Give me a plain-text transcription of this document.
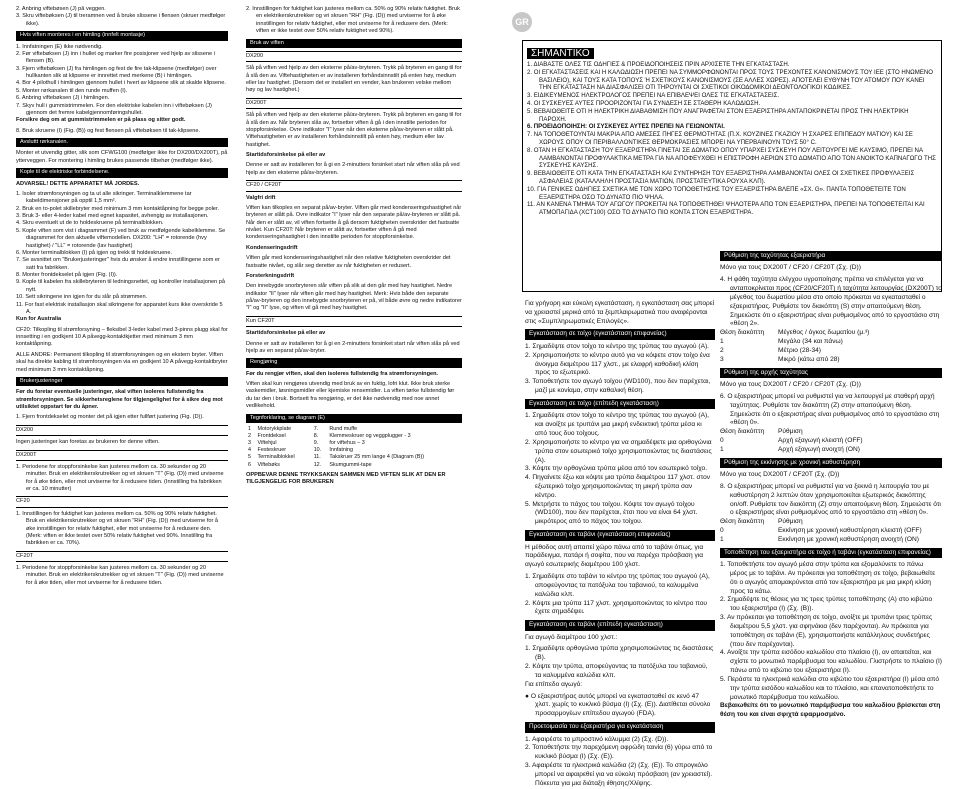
2. Anbring viftebøsen (J) på veggen.
3. Skru viftebøksen (J) til treramnen ved å bruke slissene i flensen (skruer medfølger ikke).
Hvis viften monteres i en himling (innfelt montasje)
1. Innfatningen (E) ikke nødvendig.
2. Før viftebøksen (J) inn i hullet og marker fire posisjoner ved hjelp av slissene i flensen (B).
3. Fjern viftebøksen (J) fra himlingen og fest de fire tak-klipsene (medfølger) over hullkanten slik at klipsene er innrettet med merkene (B) i himlingen.
4. Bor 4 pilothull i himlingen gjennom hullet i hvert av klipsene slik at skalde klipsene.
5. Monter rørkanalen til den runde muffen (I).
6. Anbring viftebøksen (J) i himlingen.
7. Skyv hull i gummistrimmelen. For den elektriske kabelen inn i viftebøksen (J) gjennom det fremre kabelgjennomføringshullet.
Forsikre deg om at gummistrimmelen er på plass og sitter godt.
8. Bruk skruene (I) (Fig. (B)) og fest flensen på viftebøksen til tak-klipsene.
Avsluttt rørkanalen.
Monter et utvendig gitter, slik som CFWG100 (medfølger ikke for DX200/DX200T), på ytterveggen. For montering i himling brukes passende tilbehør (medfølger ikke).
Kople til de elektriske forbindelsene.
ADVARSEL! DETTE APPARATET MÅ JORDES.
1. Isoler strømforsyningen og ta ut alle sikringer. Terminalklemmene tar kabeldimensjoner på opptil 1,5 mm².
2. Bruk en to-polet skillebryter med minimum 3 mm kontaktåpning for begge poler.
3. Bruk 3- eller 4-leder kabel med egnet kapasitet, avhengig av installasjonen.
4. Skru eventuelt ut de to holdeskruene på terminalblokken.
5. Kople viften som vist i diagrammet (F) ved bruk av medfølgende kabelklemme. Se diagrammet for den aktuelle viftemodellen. DX200: "LH" = rotorende (hvy hastighet) / "LL" = rotorende (lav hastighet)
6. Monter terminalblokken (I) på igjen og trekk til holdeskruene.
7. Se avsnittet om "Brukerjusteringer" hvis du ønsker å endre innstillingene som er satt fra fabrikken.
8. Monter frontdekselet på igjen (Fig. (I)).
9. Kople til kabelen fra skillebryteren til ledningsnettet, og kontroller installasjonen på nytt.
10. Sett sikringene inn igjen for du slår på strømmen.
11. For fast elektrisk installasjon skal sikringene for apparatet kurs ikke overskride 5 A.
Kun for Australia
CF20: Tilkopling til strømforsyning – fleksibel 3-leder kabel med 3-pinns plugg skal for innsetting i en godkjent 10 A påvegg-kontaktkjetter med minimum 3 mm kontaktåpning.
ALLE ANDRE: Permanent tilkopling til strømforsyningen og en ekstern bryter. Viften skal ha direkte kabling til strømforsyningen via en godkjent 10 A påvegg-kontaktbryter med minimum 3 mm kontaktåpning.
Brukerjusteringer
Før du foretar eventuelle justeringer, skal viften isoleres fullstendig fra strømforsyningen. Se sikkerhetsreglene for tilgjengelighet for å sikre deg mot utilsiktet oppstart før du åpner.
1. Fjern frontdekselet og monter det på igjen etter fullført justering (Fig. (D)).
DX200
Ingen justeringer kan foretas av brukeren for denne viften.
DX200T
1. Periodene for stoppforsinkelse kan justeres mellom ca. 30 sekunder og 20 minutter. Bruk en elektrikerskrutrekker og vri skruen "T" (Fig. (D)) med urviserne for å øke tiden, eller mot urviserne for å redusere tiden. (Innstilling fra fabrikken er ca. 10 minutter)
CF20
1. Innstillingen for fuktighet kan justeres mellom ca. 50% og 90% relativ fuktighet. Bruk en elektrikerskrutrekker og vri skruen "RH" (Fig. (D)) med urviserne for å øke innstillingen for relativ fuktighet, eller mot urviserne for å redusere den. (Merk: viften er ikke testet over 50% relativ fuktighet ved 90%. Innstilling fra fabrikken er ca. 70%).
CF20T
1. Periodene for stoppforsinkelse kan justeres mellom ca. 30 sekunder og 20 minutter. Bruk en elektrikerskrutrekker og vri skruen "T" (Fig. (D)) med urviserne for å øke tiden, eller mot urviserne for å redusere tiden.
2. Innstillingen for fuktighet kan justeres mellom ca. 50% og 90% relativ fuktighet. Bruk en elektrikerskrutrekker og vri skruen "RH" (Fig. (D)) med urviserne for å øke innstillingen for relativ fuktighet, eller mot urviserne for å redusere den. (Merk: viften er ikke testet over 50% relativ fuktighet ved 90%).
Bruk av viften
DX200
Slå på viften ved hjelp av den eksterne på/av-bryteren. Trykk på bryteren en gang til for å slå den av. Viftehastigheten er av installeren forhåndsinnstilt på enten høy, medium eller lav hastighet. (Dersom det er installert en vender, kan brukeren velske mellom høy og lav hastighet.)
DX200T
Slå på viften ved hjelp av den eksterne på/av-bryteren. Trykk på bryteren en gang til for å slå den av. Når bryteren slås av, fortsetter viften å gå i den innstilte perioden for stoppforsinkelse. Ovre indikator "I" lyser når den eksterne på/av-bryteren er slått på. Viftehastigheten er av installeren forhåndsinnstilt på enten høy, medium eller lav hastighet.
Startidsforsinkelse på eller av
Denne er satt av installeren for å gi en 2-minutters forsinket start når viften slås på ved hjelp av den eksterne på/av-bryteren.
CF20 / CF20T
Valgfri drift
Viften kan tilkoples en separat på/av-bryter. Viften går med kondenseringshastighet når bryteren er slått på. Ovre indikator "I" lyser når den separate på/av-bryteren er slått på. Når den er slått av, vil viften fortsette å gå dersom fuktigheten overskrider det fastsatte nivået. Kun CF20T: Når bryteren er slått av, fortsetter viften å gå med kondenseringshastighet i den innstilte perioden for stoppforsinkelse.
Kondenseringsdrift
Viften går med kondenseringshastighet når den relative fuktigheten overskrider det fastsatte nivået, og slår seg deretter av når fuktigheten er redusert.
Forsterkningsdrift
Den innebygde snorbryteren slår viften på slik at den går med høy hastighet. Nedre indikator "II" lyser når viften går med høy hastighet. Merk: Hvis både den separate på/av-bryteren og den innebygde snorbryteren er på, vil både øvre og nedre indikatorer "I" og "II" lyse, og viften vil gå med høy hastighet.
Kun CF20T
Startidsforsinkelse på eller av
Denne er satt av installeren for å gi en 2-minutters forsinket start når viften slås på ved hjelp av en separat på/av-bryter.
Rengjøring
Før du rengjør viften, skal den isoleres fullstendig fra strømforsyningen.
Viften skal kun rengjøres utvendig med bruk av en fuktig, lofri klut. Ikke bruk sterke vaskemidler, løsningsmidler eller kjemiske rensemidler. La viften tørke fullstendig før du tar den i bruk. Bortsett fra rengjøring, er det ikke nødvendig med noe annet vedlikehold.
Tegnforklaring, se diagram (E)
1	Motorykkplate	7.	Rund muffe
2	Frontdeksel	8.	Klemmeskruer og veggplugger - 3
3	Viftehjul	9.	for viftehus – 3
4	Festeskruer	10.	Innfatning
5	Terminalblokkel	11.	Takskruer 25 mm lange 4 (Diagram (B))
6	Viftebøks	12.	Skumgummi-tape
OPPBEVAR DENNE TRYKKSAKEN SAMMEN MED VIFTEN SLIK AT DEN ER TILGJENGELIG FOR BRUKEREN
GR
ΣΗΜΑΝΤΙΚΟ
1. ΔΙΑΒΑΣΤΕ ΟΛΕΣ ΤΙΣ ΟΔΗΓΙΕΣ & ΠΡΟΕΙΔΟΠΟΙΗΣΕΙΣ ΠΡΙΝ ΑΡΧΙΣΕΤΕ ΤΗΝ ΕΓΚΑΤΑΣΤΑΣΗ.
2. ΟΙ ΕΓΚΑΤΑΣΤΑΣΕΙΣ ΚΑΙ Η ΚΑΛΩΔΙΩΣΗ ΠΡΕΠΕΙ ΝΑ ΣΥΜΜΟΡΦΩΝΟΝΤΑΙ ΠΡΟΣ ΤΟΥΣ ΤΡΕΧΟΝΤΕΣ ΚΑΝΟΝΙΣΜΟΥΣ ΤΟΥ ΙΕΕ (ΣΤΟ ΗΝΩΜΕΝΟ ΒΑΣΙΛΕΙΟ), ΚΑΙ ΤΟΥΣ ΚΑΤΑ ΤΟΠΟΥΣ Ή ΣΧΕΤΙΚΟΥΣ ΚΑΝΟΝΙΣΜΟΥΣ (ΣΕ ΑΛΛΕΣ ΧΩΡΕΣ). ΑΠΟΤΕΛΕΙ ΕΥΘΥΝΗ ΤΟΥ ΑΤΟΜΟΥ ΠΟΥ ΚΑΝΕΙ ΤΗΝ ΕΓΚΑΤΑΣΤΑΣΗ ΝΑ ΔΙΑΣΦΑΛΙΣΕΙ ΟΤΙ ΤΗΡΟΥΝΤΑΙ ΟΙ ΣΧΕΤΙΚΟΙ ΟΙΚΟΔΟΜΙΚΟΙ ΔΕΟΝΤΟΛΟΓΙΚΟΙ ΚΩΔΙΚΕΣ.
3. ΕΙΔΙΚΕΥΜΕΝΟΣ ΗΛΕΚΤΡΟΛΟΓΟΣ ΠΡΕΠΕΙ ΝΑ ΕΠΙΒΛΕΨΕΙ ΟΛΕΣ ΤΙΣ ΕΓΚΑΤΑΣΤΑΣΕΙΣ.
4. ΟΙ ΣΥΣΚΕΥΕΣ ΑΥΤΕΣ ΠΡΟΟΡΙΖΟΝΤΑΙ ΓΙΑ ΣΥΝΔΕΣΗ ΣΕ ΣΤΑΘΕΡΗ ΚΑΛΩΔΙΩΣΗ.
5. ΒΕΒΑΙΩΘΕΙΤΕ ΟΤΙ Η ΗΛΕΚΤΡΙΚΗ ΔΙΑΒΑΘΜΙΣΗ ΠΟΥ ΑΝΑΓΡΑΦΕΤΑΙ ΣΤΟΝ ΕΞΑΕΡΙΣΤΗΡΑ ΑΝΤΑΠΟΚΡΙΝΕΤΑΙ ΠΡΟΣ ΤΗΝ ΗΛΕΚΤΡΙΚΗ ΠΑΡΟΧΗ.
6. ΠΡΟΕΙΔΟΠΟΙΗΣΗ: ΟΙ ΣΥΣΚΕΥΕΣ ΑΥΤΕΣ ΠΡΕΠΕΙ ΝΑ ΓΕΙΩΝΟΝΤΑΙ.
7. ΝΑ ΤΟΠΟΘΕΤΟΥΝΤΑΙ ΜΑΚΡΙΑ ΑΠΟ ΑΜΕΣΕΣ ΠΗΓΕΣ ΘΕΡΜΟΤΗΤΑΣ (Π.Χ. ΚΟΥΖΙΝΕΣ ΓΚΑΖΙΟΥ Ή ΣΧΑΡΕΣ ΕΠΙΠΕΔΟΥ ΜΑΤΙΟΥ) ΚΑΙ ΣΕ ΧΩΡΟΥΣ ΟΠΟΥ ΟΙ ΠΕΡΙΒΑΛΛΟΝΤΙΚΕΣ ΘΕΡΜΟΚΡΑΣΙΕΣ ΜΠΟΡΕΙ ΝΑ ΥΠΕΡΒΑΙΝΟΥΝ ΤΟΥΣ 50° C.
8. ΟΤΑΝ Η ΕΓΚΑΤΑΣΤΑΣΗ ΤΟΥ ΕΞΑΕΡΙΣΤΗΡΑ ΓΙΝΕΤΑΙ ΣΕ ΔΩΜΑΤΙΟ ΟΠΟΥ ΥΠΑΡΧΕΙ ΣΥΣΚΕΥΗ ΠΟΥ ΛΕΙΤΟΥΡΓΕΙ ΜΕ ΚΑΥΣΙΜΟ, ΠΡΕΠΕΙ ΝΑ ΛΑΜΒΑΝΟΝΤΑΙ ΠΡΟΦΥΛΑΚΤΙΚΑ ΜΕΤΡΑ ΓΙΑ ΝΑ ΑΠΟΦΕΥΧΘΕΙ Η ΕΠΙΣΤΡΟΦΗ ΑΕΡΙΩΝ ΣΤΟ ΔΩΜΑΤΙΟ ΑΠΟ ΤΟΝ ΑΝΟΙΚΤΟ ΚΑΠΝΑΓΩΓΟ ΤΗΣ ΣΥΣΚΕΥΗΣ ΚΑΥΣΗΣ.
9. ΒΕΒΑΙΩΘΕΙΤΕ ΟΤΙ ΚΑΤΑ ΤΗΝ ΕΓΚΑΤΑΣΤΑΣΗ ΚΑΙ ΣΥΝΤΗΡΗΣΗ ΤΟΥ ΕΞΑΕΡΙΣΤΗΡΑ ΛΑΜΒΑΝΟΝΤΑΙ ΟΛΕΣ ΟΙ ΣΧΕΤΙΚΕΣ ΠΡΟΦΥΛΑΞΕΙΣ ΑΣΦΑΛΕΙΑΣ (ΚΑΤΑΛΛΗΛΗ ΠΡΟΣΤΑΣΙΑ ΜΑΤΙΩΝ, ΠΡΟΣΤΑΤΕΥΤΙΚΑ ΡΟΥΧΑ ΚΛΠ).
10. ΓΙΑ ΓΕΝΙΚΕΣ ΟΔΗΓΙΕΣ ΣΧΕΤΙΚΑ ΜΕ ΤΟΝ ΧΩΡΟ ΤΟΠΟΘΕΤΗΣΗΣ ΤΟΥ ΕΞΑΕΡΙΣΤΗΡΑ ΒΛΕΠΕ «ΣΧ. G». ΠΑΝΤΑ ΤΟΠΟΘΕΤΕΙΤΕ ΤΟΝ ΕΞΑΕΡΙΣΤΗΡΑ ΟΣΟ ΤΟ ΔΥΝΑΤΟ ΠΙΟ ΨΗΛΑ.
11. ΑΝ ΚΑΝΕΝΑ ΤΜΗΜΑ ΤΟΥ ΑΓΩΓΟΥ ΠΡΟΚΕΙΤΑΙ ΝΑ ΤΟΠΟΘΕΤΗΘΕΙ ΨΗΛΟΤΕΡΑ ΑΠΟ ΤΟΝ ΕΞΑΕΡΙΣΤΗΡΑ, ΠΡΕΠΕΙ ΝΑ ΤΟΠΟΘΕΤΕΙΤΑΙ ΚΑΙ ΑΤΜΟΠΑΓΙΔΑ (ΧCT100) ΟΣΟ ΤΟ ΔΥΝΑΤΟ ΠΙΟ ΚΟΝΤΑ ΣΤΟΝ ΕΞΑΕΡΙΣΤΗΡΑ.
Για γρήγορη και εύκολη εγκατάσταση, η εγκατάσταση σας μπορεί να χρειαστεί μερικά από τα ξεμπλαιρωματικά που αναφέρονται στις «Συμπληρωματικές Επιλογές».
Εγκατάσταση σε τοίχο (εγκατάσταση επιφανείας)
1. Σημαδέψτε στον τοίχο το κέντρο της τρύπας του αγωγού (A).
2. Χρησιμοποιήστε το κέντρο αυτό για να κόψετε στον τοίχο ένα άνοιγμα διαμέτρου 117 χλστ., με ελαφρή καθοδική κλίση προς το εξωτερικό.
3. Τοποθετήστε τον αγωγό τοίχου (WD100), που δεν παρέχεται, μαζί με κονίαμα, στην καθαλική θέση.
Εγκατάσταση σε τοίχο (επίπεδη εγκατάσταση)
1. Σημαδέψτε στον τοίχο το κέντρο της τρύπας του αγωγού (A), και ανοίξτε με τρυπάνι μια μικρή ενδεικτική τρύπα μέσα κι από τους δυο τοίχους.
2. Χρησιμοποιήστε το κέντρο για να σημαδέψετε μια οριθογώνια τρύπα στον εσωτερικό τοίχο χρησιμοποιώντας τις διαστάσεις (A).
3. Κόψτε την ορθογώνια τρύπα μέσα από τον εσωτερικό τοίχο.
4. Πηγαίνετε έξω και κόψτε μια τρύπα διαμέτρου 117 χλστ. στον εξωτερικό τοίχο χρησιμοποιώντας τη μικρή τρύπα σαν κέντρο.
5. Μετρήστε το πάχος του τοίχου. Κόψτε τον αγωγό τοίχου (WD100), που δεν παρέχεται, έτσι που να είναι 64 χλστ. μικρότερος από το πάχος του τοίχου.
Εγκατάσταση σε ταβάνι (εγκατάσταση επιφανείας)
Η μέθοδος αυτή απαιτεί χώρο πάνω από το ταβάνι όπως, για παράδειγμα, πατάρι ή σοφίτα, που να παρέχει πρόσβαση για αγωγό εσωτερικής διαμέτρου 100 χλστ.
1. Σημαδέψτε στο ταβάνι το κέντρο της τρύπας του αγωγού (A), αποφεύγοντας τα πατόξυλα του ταβανιού, τα καλυμμένα καλώδια κλπ.
2. Κόψτε μια τρύπα 117 χλστ. χρησιμοποιώντας το κέντρο που έχετε σημαδέψει.
Εγκατάσταση σε ταβάνι (επίπεδη εγκατάσταση)
Για αγωγό διαμέτρου 100 χλστ.:
1. Σημαδέψτε ορθογώνια τρύπα χρησιμοποιώντας τις διαστάσεις (B).
2. Κόψτε την τρύπα, αποφεύγοντας τα πατόξυλα του ταβανιού, τα καλυμμένα καλώδια κλπ.
Για επίπεδο αγωγό:
● Ο εξαεριστήρας αυτός μπορεί να εγκατασταθεί σε κενό 47 χλστ. χωρίς το κυκλικό βύσμα (I) (Σχ. (E)). Διατίθεται σύνολο προσαρμογέων επίπεδου αγωγού (FDA).
Προετοιμασία του εξαεριστήρα για εγκατάσταση
1. Αφαιρέστε το μπροστινό κάλυμμα (2) (Σχ. (D)).
2. Τοποθετήστε την παρεχόμενη αφρώδη ταινία (6) γύρω από το κυκλικό βύσμα (I) (Σχ. (E)).
3. Αφαιρέστε τα ηλεκτρικά καλώδια (2) (Σχ. (E)). Το σπρογκόλο μπορεί να αφαιρεθεί για να εύκολη πρόσβαση (αν χρειαστεί). Πόκευτα για μια διάταξη ιίθησης/Χλίψης.
Ρύθμιση της ταχύτητας εξαεριστήρα
Μόνο για τους DX200T / CF20 / CF20T (Σχ. (D))
4. Η φάθη ταχύτητα ελέγχου υγροποίησης πρέπει να επιλέγεται για να ανταποκρίνεται προς (CF20/CF20T) ή ταχύτητα λειτουργίας (DX200T) το μέγεθος του δωματίου μέσα στο οποίο πρόκειται να εγκατασταθεί ο εξαεριστήρας. Ρυθμίστε τον διακόπτη (S) στην απαιτούμενη θέση. Σημειώστε ότι ο εξαεριστήρας είναι ρυθμισμένος από το εργοστάσιο στη «θέση 2».
Θέση διακόπτη	Μέγεθος / όγκος δωματίου (μ.³)
1	Μεγάλο (34 και πάνω)
2	Μέτριο (28-34)
3	Μικρό (κάτω από 28)
Ρύθμιση της αρχής ταχύτητας
Μόνο για τους DX200T / CF20 / CF20T (Σχ. (D))
6. Ο εξαεριστήρας μπορεί να ρυθμιστεί για να λειτουργεί με σταθερή αρχή ταχύτητας. Ρυθμίστε τον διακόπτη (Z) στην απαιτούμενη θέση. Σημειώστε ότι ο εξαεριστήρας είναι ρυθμισμένος από το εργοστάσιο στη «θέση 0».
Θέση διακόπτη	Ρύθμιση
0	Αρχή εξαγωγή κλειστή (OFF)
1	Αρχή εξαγωγή ανοιχτή (ON)
Ρύθμιση της εκκίνησης με χρονική καθυστέρηση
Μόνο για τους DX200T / CF20T (Σχ. (D))
8. Ο εξαεριστήρας μπορεί να ρυθμιστεί για να ξεκινά η λειτουργία του με καθυστέρηση 2 λεπτών όταν χρησιμοποιείται εξωτερικός διακόπτης on/off. Ρυθμίστε τον διακόπτη (Z) στην απαιτούμενη θέση. Σημειώστε ότι ο εξαεριστήρας είναι ρυθμισμένος από το εργοστάσιο στη «θέση 0».
Θέση διακόπτη	Ρύθμιση
0	Εκκίνηση με χρονική καθυστέρηση κλειστή (OFF)
1	Εκκίνηση με χρονική καθυστέρηση ανοιχτή (ON)
Τοποθέτηση του εξαεριστήρα σε τοίχο ή ταβάνι (εγκατάσταση επιφανείας)
1. Τοποθετήστε τον αγωγό μέσα στην τρύπα και εξομαλύνετε το πάνω μέρος με το ταβάνι. Αν πρόκειται για τοποθέτηση σε τοίχο, βεβαιωθείτε ότι ο αγωγός απομακρύνεται από τον εξαεριστήρα με μια μικρή κλίση προς τα κάτω.
2. Σημαδέψτε τις θέσεις για τις τρεις τρύπες τοποθέτησης (A) στο κιβώτιο του εξαεριστήρα (I) (Σχ. (B)).
3. Αν πρόκειται για τοποθέτηση σε τοίχο, ανοίξτε με τρυπάνι τρεις τρύπες διαμέτρου 5,5 χλστ. για σφηνάκια (δεν παρέχονται). Αν πρόκειται για τοποθέτηση σε ταβάνι (E), χρησιμοποιήστε κατάλληλους συνδετήρες (που δεν παρέχονται).
4. Ανοίξτε την τρύπα εισόδου καλωδίου στο πλαίσιο (I), αν απαιτείται, και σχίστε το μονωτικό παρέμβυσμα του καλωδίου. Γλιστρήστε το πλαίσιο (I) πάνω από το κιβώτιο του εξαεριστήρα (I).
5. Περάστε τα ηλεκτρικά καλώδια στο κιβώτιο του εξαεριστήρα (I) μέσα από την τρύπα εισόδου καλωδίου και το πλαίσιο, και επανατοποθετήστε το μονωτικό παρέμβυσμα του καλωδίου.
Βεβαιωθείτε ότι το μονωτικό παρέμβυσμα του καλωδίου βρίσκεται στη θέση του και είναι σφιχτά εφαρμοσμένο.
